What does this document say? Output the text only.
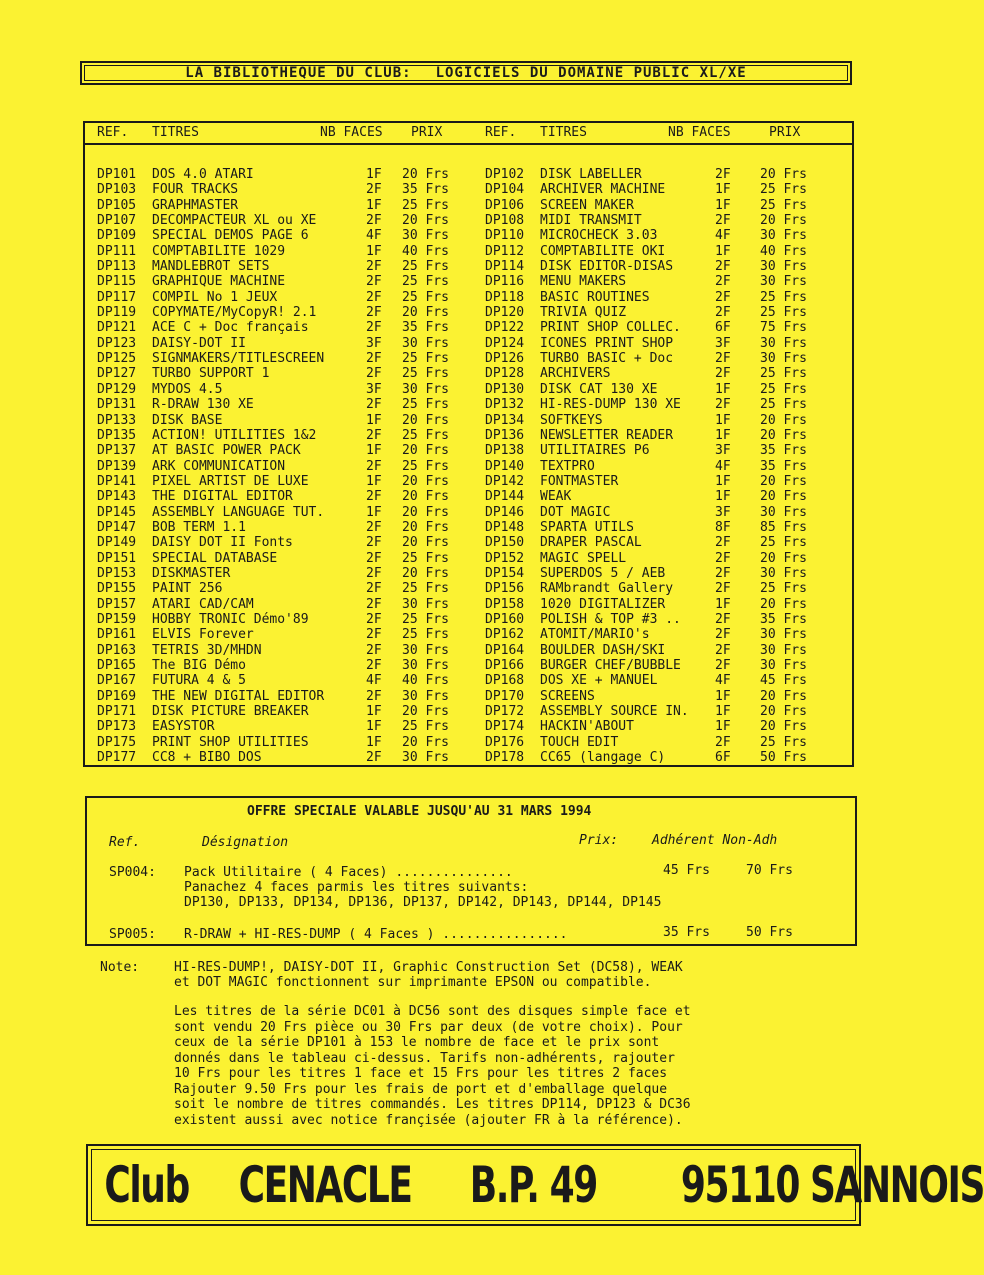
LA BIBLIOTHEQUE DU CLUB: LOGICIELS DU DOMAINE PUBLIC XL/XE
REF. TITRES	NB FACES PRIX	REF. TITRES	NB FACES	PRIX
DP101 DOS 4.0 ATARI	1F 20 Frs	DP102 DISK LABELLER	2F 20 Frs
DP103 FOUR TRACKS	2F 35 Frs	DP104 ARCHIVER MACHINE	1F 25 Frs
DP105 GRAPHMASTER	1F 25 Frs	DP106 SCREEN MAKER	1F 25 Frs
DP107 DECOMPACTEUR XL ou XE	2F 20 Frs	DP108 MIDI TRANSMIT	2F 20 Frs
DP109 SPECIAL DEMOS PAGE 6	4F 30 Frs	DP110 MICROCHECK 3.03	4F 30 Frs
DP111 COMPTABILITE 1029	1F 40 Frs	DP112 COMPTABILITE OKI	1F 40 Frs
DP113 MANDLEBROT SETS	2F 25 Frs	DP114 DISK EDITOR-DISAS	2F 30 Frs
DP115 GRAPHIQUE MACHINE	2F 25 Frs	DP116 MENU MAKERS	2F 30 Frs
DP117 COMPIL No 1 JEUX	2F 25 Frs	DP118 BASIC ROUTINES	2F 25 Frs
DP119 COPYMATE/MyCopyR! 2.1	2F 20 Frs	DP120 TRIVIA QUIZ	2F 25 Frs
DP121 ACE C + Doc français	2F 35 Frs	DP122 PRINT SHOP COLLEC.	6F 75 Frs
DP123 DAISY-DOT II	3F 30 Frs	DP124 ICONES PRINT SHOP	3F 30 Frs
DP125 SIGNMAKERS/TITLESCREEN	2F 25 Frs	DP126 TURBO BASIC + Doc	2F 30 Frs
DP127 TURBO SUPPORT 1	2F 25 Frs	DP128 ARCHIVERS	2F 25 Frs
DP129 MYDOS 4.5	3F 30 Frs	DP130 DISK CAT 130 XE	1F 25 Frs
DP131 R-DRAW 130 XE	2F 25 Frs	DP132 HI-RES-DUMP 130 XE	2F 25 Frs
DP133 DISK BASE	1F 20 Frs	DP134 SOFTKEYS	1F 20 Frs
DP135 ACTION! UTILITIES 1&2	2F 25 Frs	DP136 NEWSLETTER READER	1F 20 Frs
DP137 AT BASIC POWER PACK	1F 20 Frs	DP138 UTILITAIRES P6	3F 35 Frs
DP139 ARK COMMUNICATION	2F 25 Frs	DP140 TEXTPRO	4F 35 Frs
DP141 PIXEL ARTIST DE LUXE	1F 20 Frs	DP142 FONTMASTER	1F 20 Frs
DP143 THE DIGITAL EDITOR	2F 20 Frs	DP144 WEAK	1F 20 Frs
DP145 ASSEMBLY LANGUAGE TUT.	1F 20 Frs	DP146 DOT MAGIC	3F 30 Frs
DP147 BOB TERM 1.1	2F 20 Frs	DP148 SPARTA UTILS	8F 85 Frs
DP149 DAISY DOT II Fonts	2F 20 Frs	DP150 DRAPER PASCAL	2F 25 Frs
DP151 SPECIAL DATABASE	2F 25 Frs	DP152 MAGIC SPELL	2F 20 Frs
DP153 DISKMASTER	2F 20 Frs	DP154 SUPERDOS 5 / AEB	2F 30 Frs
DP155 PAINT 256	2F 25 Frs	DP156 RAMbrandt Gallery	2F 25 Frs
DP157 ATARI CAD/CAM	2F 30 Frs	DP158 1020 DIGITALIZER	1F 20 Frs
DP159 HOBBY TRONIC Démo'89	2F 25 Frs	DP160 POLISH & TOP #3 ..	2F 35 Frs
DP161 ELVIS Forever	2F 25 Frs	DP162 ATOMIT/MARIO's	2F 30 Frs
DP163 TETRIS 3D/MHDN	2F 30 Frs	DP164 BOULDER DASH/SKI	2F 30 Frs
DP165 The BIG Démo	2F 30 Frs	DP166 BURGER CHEF/BUBBLE	2F 30 Frs
DP167 FUTURA 4 & 5	4F 40 Frs	DP168 DOS XE + MANUEL	4F 45 Frs
DP169 THE NEW DIGITAL EDITOR	2F 30 Frs	DP170 SCREENS	1F 20 Frs
DP171 DISK PICTURE BREAKER	1F 20 Frs	DP172 ASSEMBLY SOURCE IN. 1F 20 Frs
DP173 EASYSTOR	1F 25 Frs	DP174 HACKIN'ABOUT	1F 20 Frs
DP175 PRINT SHOP UTILITIES	1F 20 Frs	DP176 TOUCH EDIT	2F 25 Frs
DP177 CC8 + BIBO DOS	2F 30 Frs	DP178 CC65 (langage C)	6F 50 Frs
OFFRE SPECIALE VALABLE JUSQU'AU 31 MARS 1994
Ref.	Désignation	Prix:	Adhérent Non-Adh
SP004: Pack Utilitaire ( 4 Faces) ...............	45 Frs	70 Frs
Panachez 4 faces parmis les titres suivants:
DP130, DP133, DP134, DP136, DP137, DP142, DP143, DP144, DP145
SP005: R-DRAW + HI-RES-DUMP ( 4 Faces ) ................	35 Frs	50 Frs
Note:	HI-RES-DUMP!, DAISY-DOT II, Graphic Construction Set (DC58), WEAK
et DOT MAGIC fonctionnent sur imprimante EPSON ou compatible.
Les titres de la série DC01 à DC56 sont des disques simple face et
sont vendu 20 Frs pièce ou 30 Frs par deux (de votre choix). Pour
ceux de la série DP101 à 153 le nombre de face et le prix sont
donnés dans le tableau ci-dessus. Tarifs non-adhérents, rajouter
10 Frs pour les titres 1 face et 15 Frs pour les titres 2 faces
Rajouter 9.50 Frs pour les frais de port et d'emballage quelque
soit le nombre de titres commandés. Les titres DP114, DP123 & DC36
existent aussi avec notice françisée (ajouter FR à la référence).
Club CENACLE B.P. 49 95110 SANNOIS
